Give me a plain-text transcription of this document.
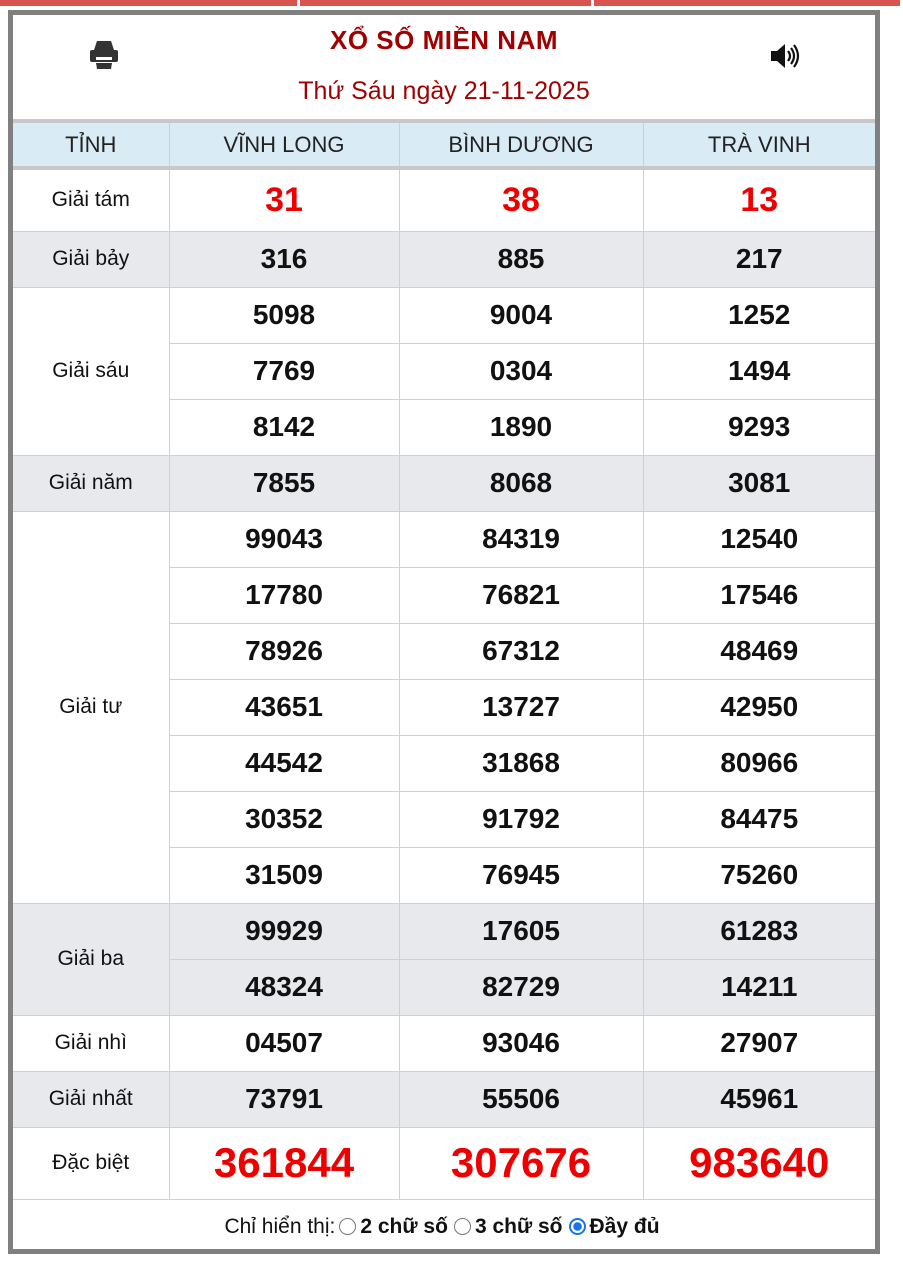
XỔ SỐ MIỀN NAM
Thứ Sáu ngày 21-11-2025
TỈNH	VĨNH LONG	BÌNH DƯƠNG	TRÀ VINH
Giải tám	31	38	13
Giải bảy	316	885	217
Giải sáu	5098	9004	1252
	7769	0304	1494
	8142	1890	9293
Giải năm	7855	8068	3081
Giải tư	99043	84319	12540
	17780	76821	17546
	78926	67312	48469
	43651	13727	42950
	44542	31868	80966
	30352	91792	84475
	31509	76945	75260
Giải ba	99929	17605	61283
	48324	82729	14211
Giải nhì	04507	93046	27907
Giải nhất	73791	55506	45961
Đặc biệt	361844	307676	983640
Chỉ hiển thị: 2 chữ số 3 chữ số Đầy đủ
